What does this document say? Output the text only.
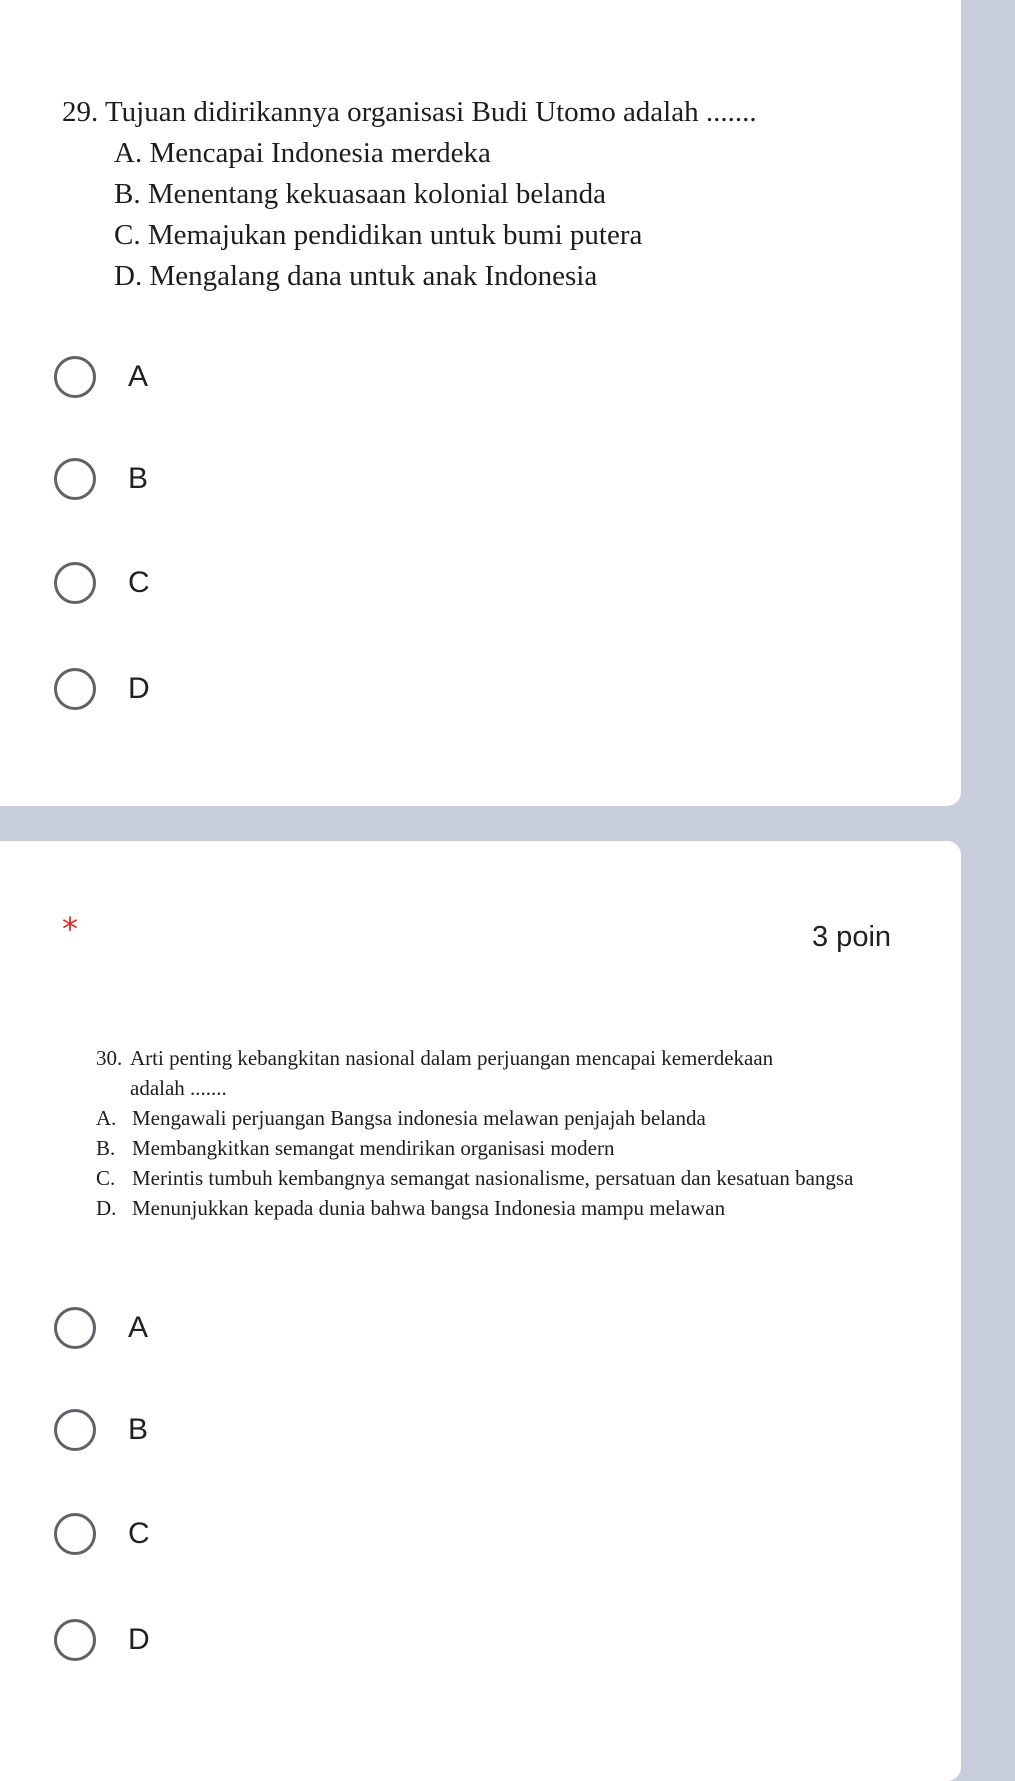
29. Tujuan didirikannya organisasi Budi Utomo adalah .......
A. Mencapai Indonesia merdeka
B. Menentang kekuasaan kolonial belanda
C. Memajukan pendidikan untuk bumi putera
D. Mengalang dana untuk anak Indonesia
A
B
C
D
*	3 poin
30. Arti penting kebangkitan nasional dalam perjuangan mencapai kemerdekaan
adalah .......
A. Mengawali perjuangan Bangsa indonesia melawan penjajah belanda
B. Membangkitkan semangat mendirikan organisasi modern
C. Merintis tumbuh kembangnya semangat nasionalisme, persatuan dan kesatuan bangsa
D. Menunjukkan kepada dunia bahwa bangsa Indonesia mampu melawan
A
B
C
D
